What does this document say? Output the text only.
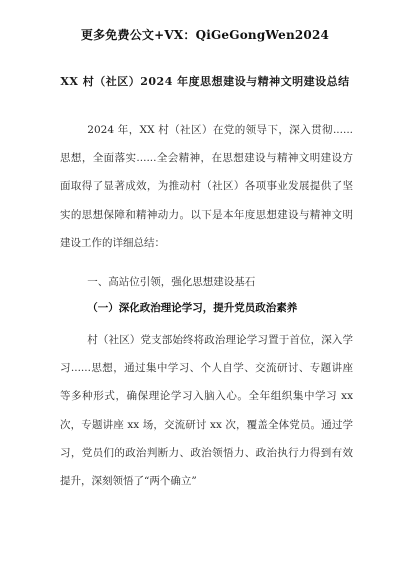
更多免费公文+VX：QiGeGongWen2024
XX 村（社区）2024 年度思想建设与精神文明建设总结
2024 年，XX 村（社区）在党的领导下，深入贯彻......思想，全面落实......全会精神，在思想建设与精神文明建设方面取得了显著成效，为推动村（社区）各项事业发展提供了坚实的思想保障和精神动力。以下是本年度思想建设与精神文明建设工作的详细总结：
一、高站位引领，强化思想建设基石
（一）深化政治理论学习，提升党员政治素养
村（社区）党支部始终将政治理论学习置于首位，深入学习......思想，通过集中学习、个人自学、交流研讨、专题讲座等多种形式，确保理论学习入脑入心。全年组织集中学习 xx 次，专题讲座 xx 场，交流研讨 xx 次，覆盖全体党员。通过学习，党员们的政治判断力、政治领悟力、政治执行力得到有效提升，深刻领悟了“两个确立”
